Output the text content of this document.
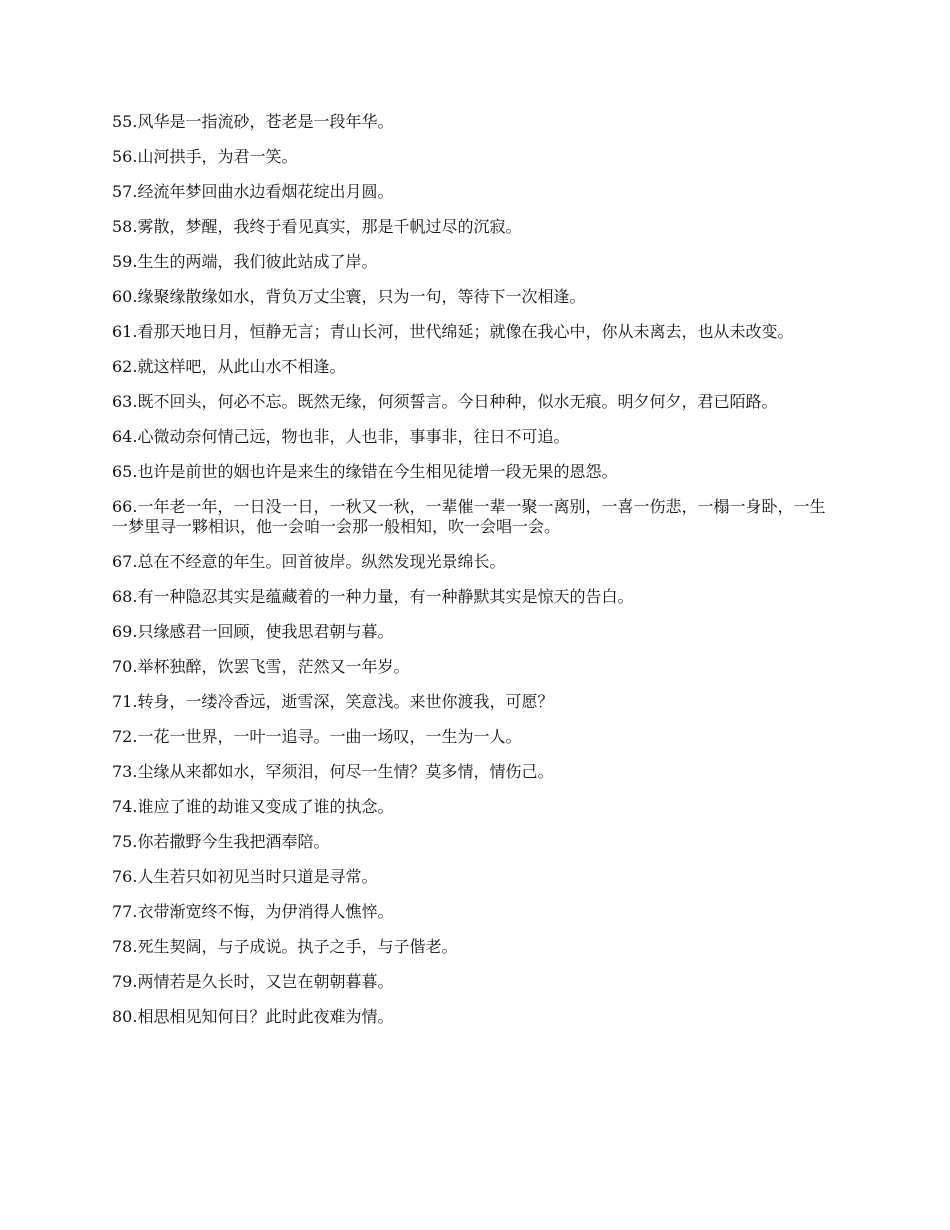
55.风华是一指流砂，苍老是一段年华。

56.山河拱手，为君一笑。

57.经流年梦回曲水边看烟花绽出月圆。

58.雾散，梦醒，我终于看见真实，那是千帆过尽的沉寂。

59.生生的两端，我们彼此站成了岸。

60.缘聚缘散缘如水，背负万丈尘寰，只为一句，等待下一次相逢。

61.看那天地日月，恒静无言；青山长河，世代绵延；就像在我心中，你从未离去，也从未改变。

62.就这样吧，从此山水不相逢。

63.既不回头，何必不忘。既然无缘，何须誓言。今日种种，似水无痕。明夕何夕，君已陌路。

64.心微动奈何情己远，物也非，人也非，事事非，往日不可追。

65.也许是前世的姻也许是来生的缘错在今生相见徒增一段无果的恩怨。

66.一年老一年，一日没一日，一秋又一秋，一辈催一辈一聚一离别，一喜一伤悲，一榻一身卧，一生一梦里寻一夥相识，他一会咱一会那一般相知，吹一会唱一会。

67.总在不经意的年生。回首彼岸。纵然发现光景绵长。

68.有一种隐忍其实是蕴藏着的一种力量，有一种静默其实是惊天的告白。

69.只缘感君一回顾，使我思君朝与暮。

70.举杯独醉，饮罢飞雪，茫然又一年岁。

71.转身，一缕冷香远，逝雪深，笑意浅。来世你渡我，可愿？

72.一花一世界，一叶一追寻。一曲一场叹，一生为一人。

73.尘缘从来都如水，罕须泪，何尽一生情？莫多情，情伤己。

74.谁应了谁的劫谁又变成了谁的执念。

75.你若撒野今生我把酒奉陪。

76.人生若只如初见当时只道是寻常。

77.衣带渐宽终不悔，为伊消得人憔悴。

78.死生契阔，与子成说。执子之手，与子偕老。

79.两情若是久长时，又岂在朝朝暮暮。

80.相思相见知何日？此时此夜难为情。
